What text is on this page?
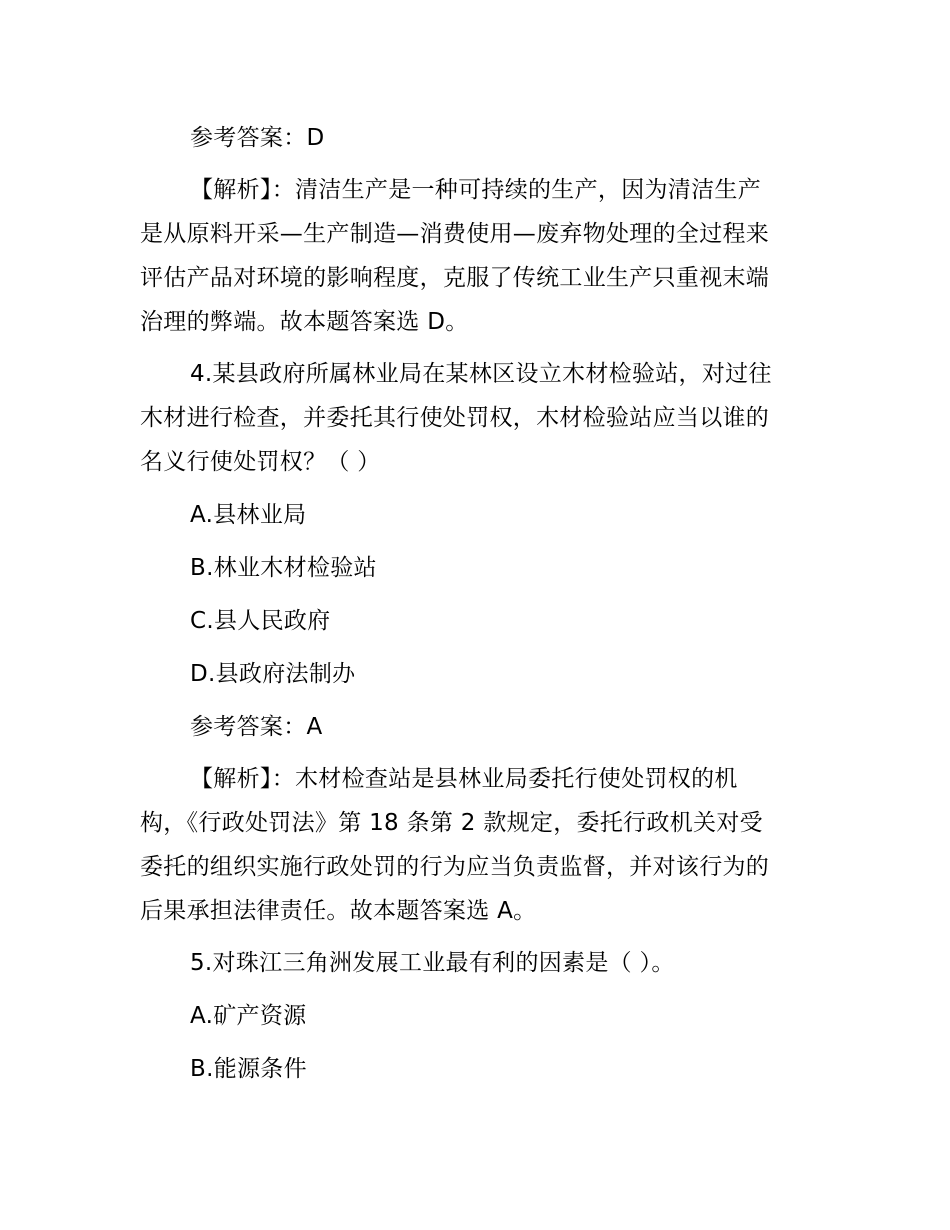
参考答案：D

【解析】：清洁生产是一种可持续的生产，因为清洁生产

是从原料开采—生产制造—消费使用—废弃物处理的全过程来

评估产品对环境的影响程度，克服了传统工业生产只重视末端

治理的弊端。故本题答案选 D。

4.某县政府所属林业局在某林区设立木材检验站，对过往

木材进行检查，并委托其行使处罚权，木材检验站应当以谁的

名义行使处罚权？（ ）

A.县林业局

B.林业木材检验站

C.县人民政府

D.县政府法制办

参考答案：A

【解析】：木材检查站是县林业局委托行使处罚权的机

构，《行政处罚法》第 18 条第 2 款规定，委托行政机关对受

委托的组织实施行政处罚的行为应当负责监督，并对该行为的

后果承担法律责任。故本题答案选 A。

5.对珠江三角洲发展工业最有利的因素是（ ）。

A.矿产资源

B.能源条件
